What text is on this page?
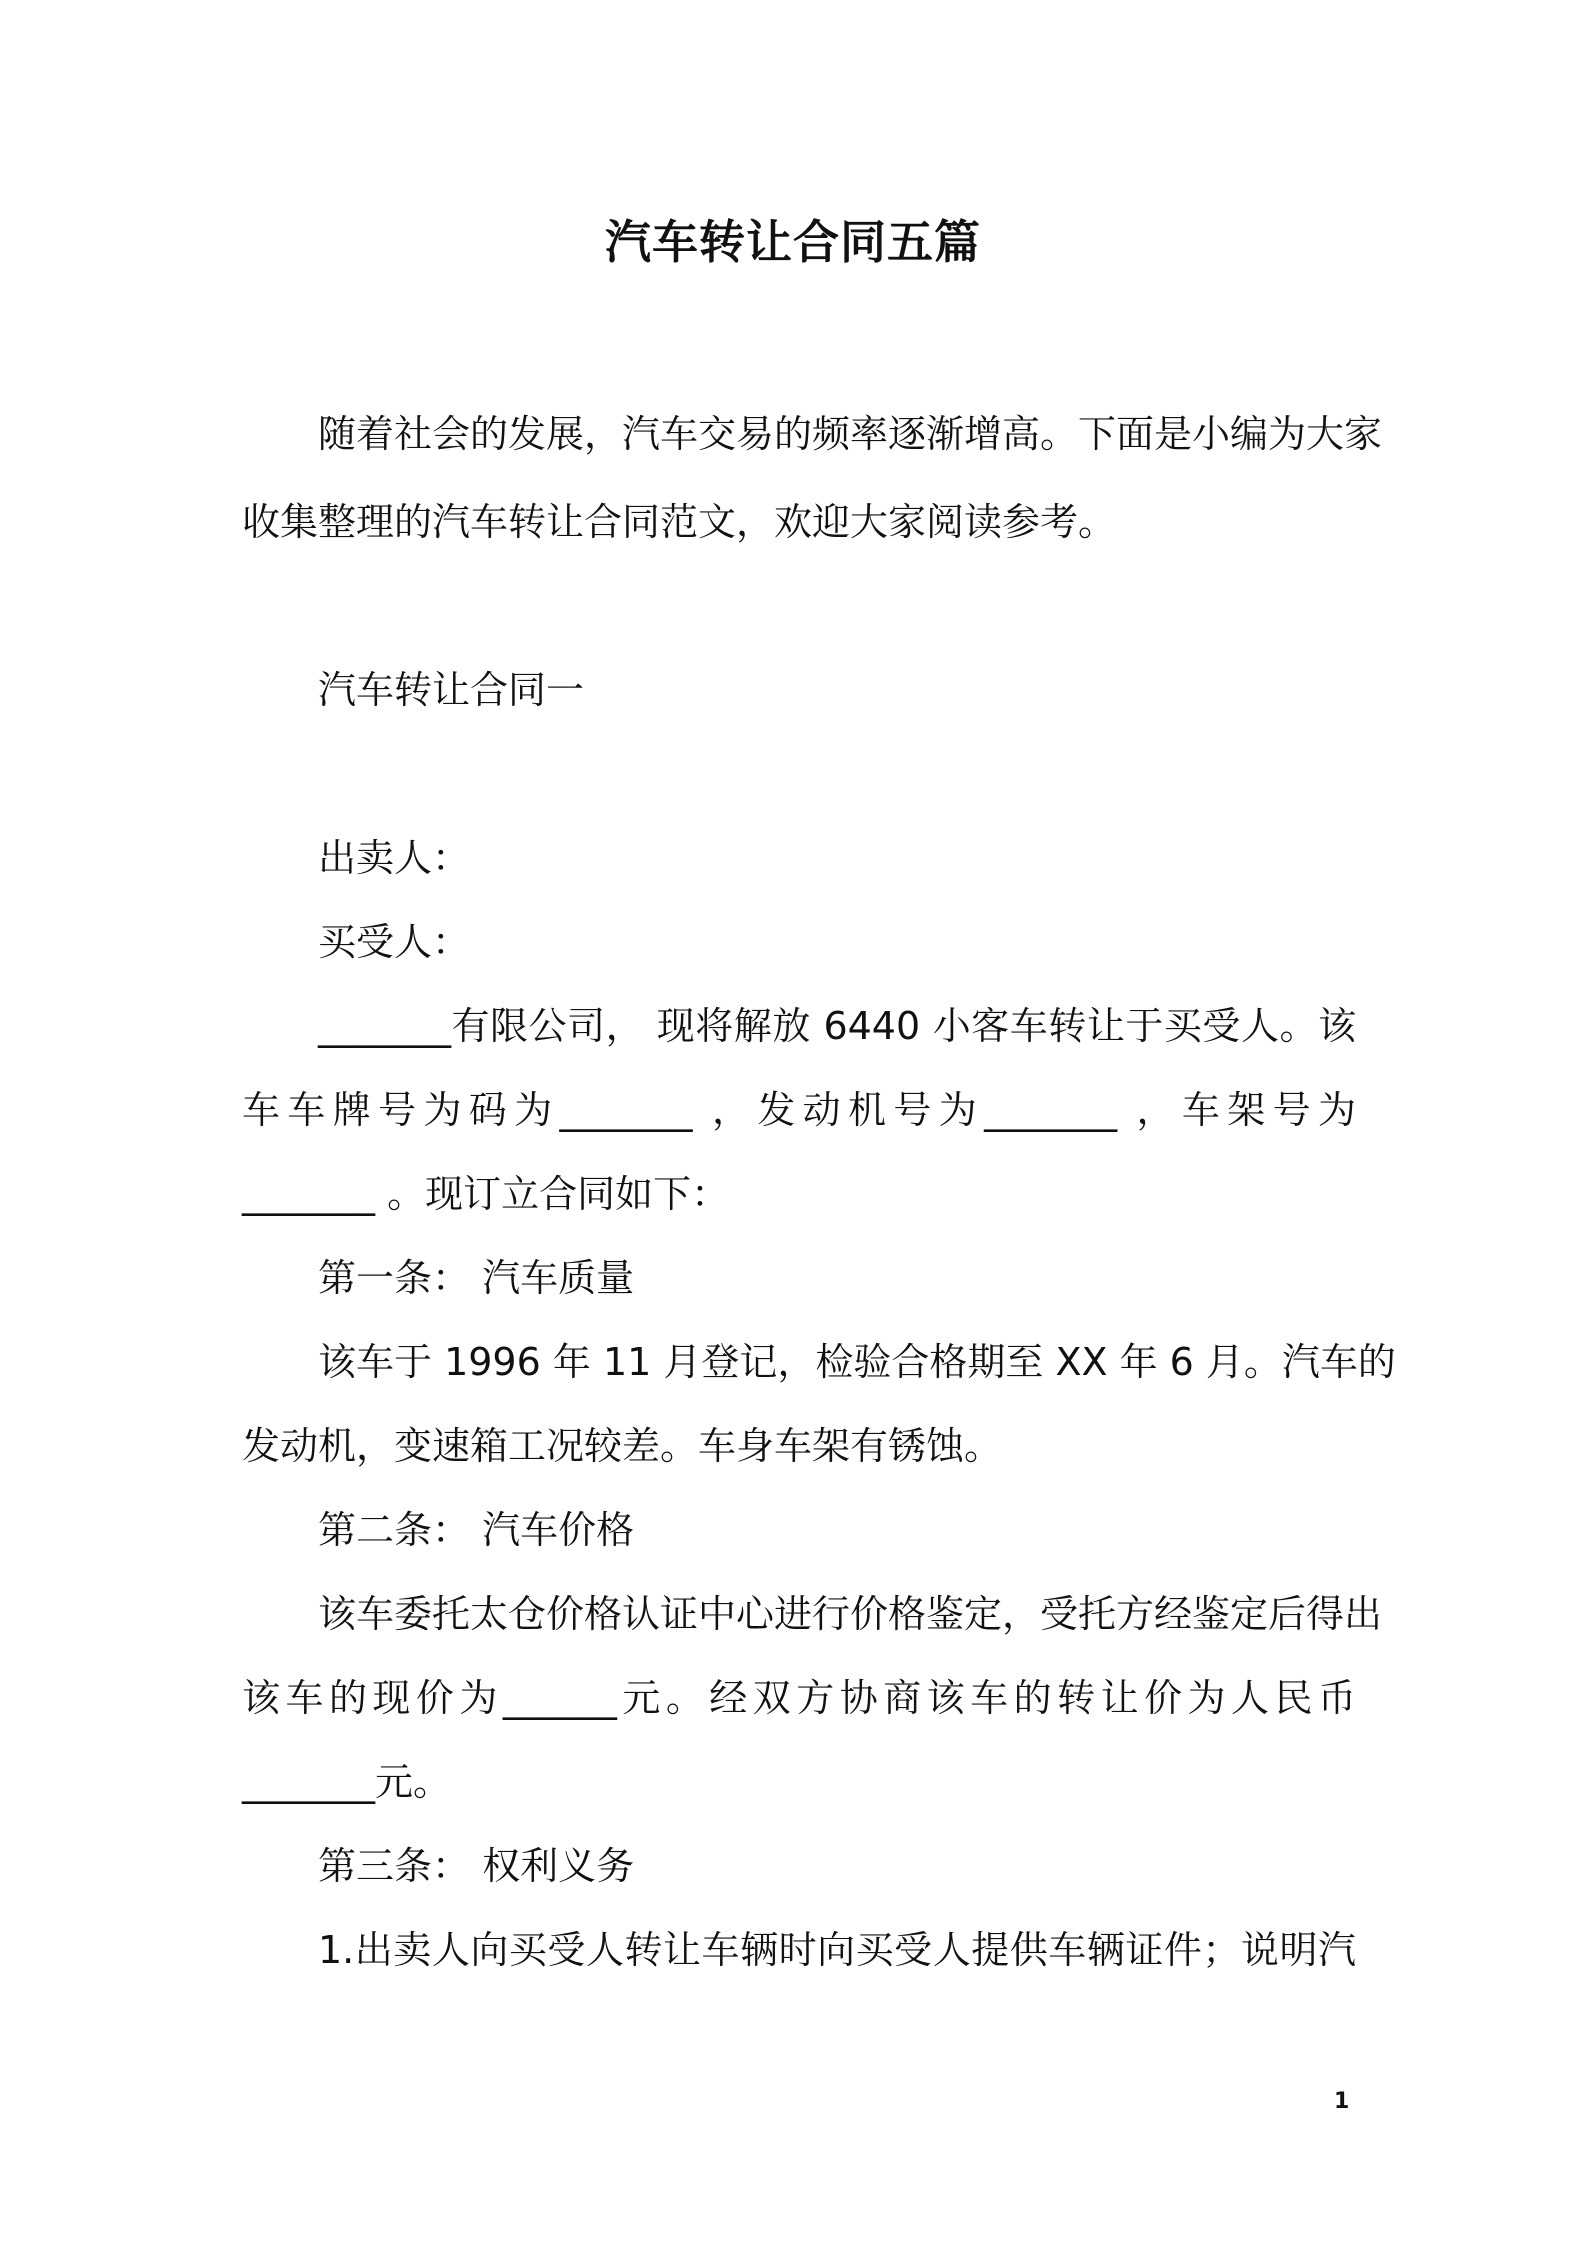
汽车转让合同五篇
随着社会的发展，汽车交易的频率逐渐增高。下面是小编为大家
收集整理的汽车转让合同范文，欢迎大家阅读参考。
汽车转让合同一
出卖人：
买受人：
_______有限公司， 现将解放 6440 小客车转让于买受人。该
车车牌号为码为_______ ，发动机号为_______ ，车架号为
_______ 。现订立合同如下：
第一条： 汽车质量
该车于 1996 年 11 月登记，检验合格期至 XX 年 6 月。汽车的
发动机，变速箱工况较差。车身车架有锈蚀。
第二条： 汽车价格
该车委托太仓价格认证中心进行价格鉴定，受托方经鉴定后得出
该车的现价为______元。经双方协商该车的转让价为人民币
_______元。
第三条： 权利义务
1.出卖人向买受人转让车辆时向买受人提供车辆证件；说明汽
1
